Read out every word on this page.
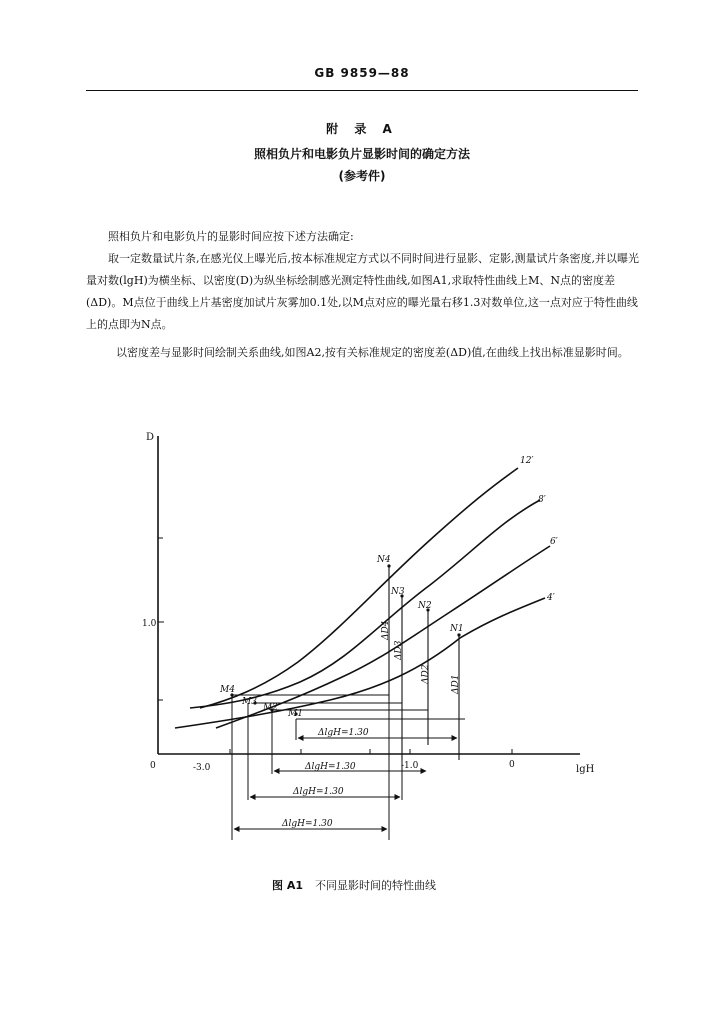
GB 9859—88
附 录 A
照相负片和电影负片显影时间的确定方法
(参考件)
照相负片和电影负片的显影时间应按下述方法确定:
取一定数量试片条,在感光仪上曝光后,按本标准规定方式以不同时间进行显影、定影,测量试片条密度,并以曝光量对数(lgH)为横坐标、以密度(D)为纵坐标绘制感光测定特性曲线,如图A1,求取特性曲线上M、N点的密度差(ΔD)。M点位于曲线上片基密度加试片灰雾加0.1处,以M点对应的曝光量右移1.3对数单位,这一点对应于特性曲线上的点即为N点。
以密度差与显影时间绘制关系曲线,如图A2,按有关标准规定的密度差(ΔD)值,在曲线上找出标准显影时间。
D
lgH
0
1.0
-3.0	-1.0	0
12′
8′
6′
4′
M4
M3
M2
M1
N4
N3
N2
N1
ΔD4
ΔD3
ΔD2
ΔD1
ΔlgH=1.30
ΔlgH=1.30
ΔlgH=1.30
ΔlgH=1.30
图 A1 不同显影时间的特性曲线
